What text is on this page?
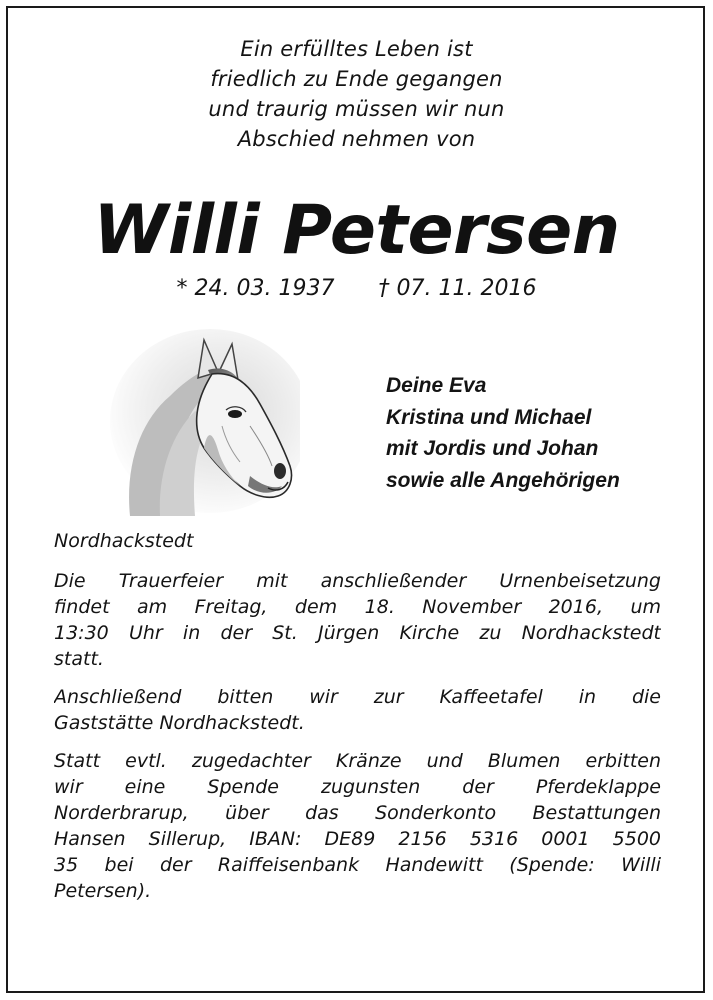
Ein erfülltes Leben ist
friedlich zu Ende gegangen
und traurig müssen wir nun
Abschied nehmen von
Willi Petersen
* 24. 03. 1937 † 07. 11. 2016
Deine Eva
Kristina und Michael
mit Jordis und Johan
sowie alle Angehörigen
Nordhackstedt
Die Trauerfeier mit anschließender Urnenbeisetzung
findet am Freitag, dem 18. November 2016, um
13:30 Uhr in der St. Jürgen Kirche zu Nordhackstedt
statt.
Anschließend bitten wir zur Kaffeetafel in die
Gaststätte Nordhackstedt.
Statt evtl. zugedachter Kränze und Blumen erbitten
wir eine Spende zugunsten der Pferdeklappe
Norderbrarup, über das Sonderkonto Bestattungen
Hansen Sillerup, IBAN: DE89 2156 5316 0001 5500
35 bei der Raiffeisenbank Handewitt (Spende: Willi
Petersen).
